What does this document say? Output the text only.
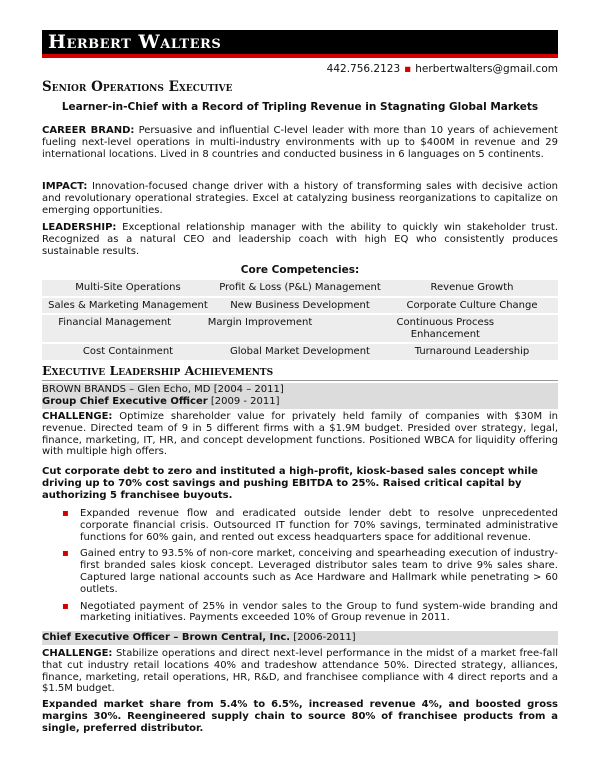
Herbert Walters
442.756.2123 ▪ herbertwalters@gmail.com
Senior Operations Executive
Learner-in-Chief with a Record of Tripling Revenue in Stagnating Global Markets

CAREER BRAND: Persuasive and influential C-level leader with more than 10 years of achievement fueling next-level operations in multi-industry environments with up to $400M in revenue and 29 international locations. Lived in 8 countries and conducted business in 6 languages on 5 continents.

IMPACT: Innovation-focused change driver with a history of transforming sales with decisive action and revolutionary operational strategies. Excel at catalyzing business reorganizations to capitalize on emerging opportunities.

LEADERSHIP: Exceptional relationship manager with the ability to quickly win stakeholder trust. Recognized as a natural CEO and leadership coach with high EQ who consistently produces sustainable results.

Core Competencies:
Multi-Site Operations	Profit & Loss (P&L) Management	Revenue Growth
Sales & Marketing Management	New Business Development	Corporate Culture Change
Financial Management	Margin Improvement	Continuous Process Enhancement
Cost Containment	Global Market Development	Turnaround Leadership
Executive Leadership Achievements
BROWN BRANDS – Glen Echo, MD [2004 – 2011]
Group Chief Executive Officer [2009 - 2011]

CHALLENGE: Optimize shareholder value for privately held family of companies with $30M in revenue. Directed team of 9 in 5 different firms with a $1.9M budget. Presided over strategy, legal, finance, marketing, IT, HR, and concept development functions. Positioned WBCA for liquidity offering with multiple high offers.

Cut corporate debt to zero and instituted a high-profit, kiosk-based sales concept while driving up to 70% cost savings and pushing EBITDA to 25%. Raised critical capital by authorizing 5 franchisee buyouts.

▪ Expanded revenue flow and eradicated outside lender debt to resolve unprecedented corporate financial crisis. Outsourced IT function for 70% savings, terminated administrative functions for 60% gain, and rented out excess headquarters space for additional revenue.
▪ Gained entry to 93.5% of non-core market, conceiving and spearheading execution of industry-first branded sales kiosk concept. Leveraged distributor sales team to drive 9% sales share. Captured large national accounts such as Ace Hardware and Hallmark while penetrating > 60 outlets.
▪ Negotiated payment of 25% in vendor sales to the Group to fund system-wide branding and marketing initiatives. Payments exceeded 10% of Group revenue in 2011.
Chief Executive Officer – Brown Central, Inc. [2006-2011]

CHALLENGE: Stabilize operations and direct next-level performance in the midst of a market free-fall that cut industry retail locations 40% and tradeshow attendance 50%. Directed strategy, alliances, finance, marketing, retail operations, HR, R&D, and franchisee compliance with 4 direct reports and a $1.5M budget.

Expanded market share from 5.4% to 6.5%, increased revenue 4%, and boosted gross margins 30%. Reengineered supply chain to source 80% of franchisee products from a single, preferred distributor.
